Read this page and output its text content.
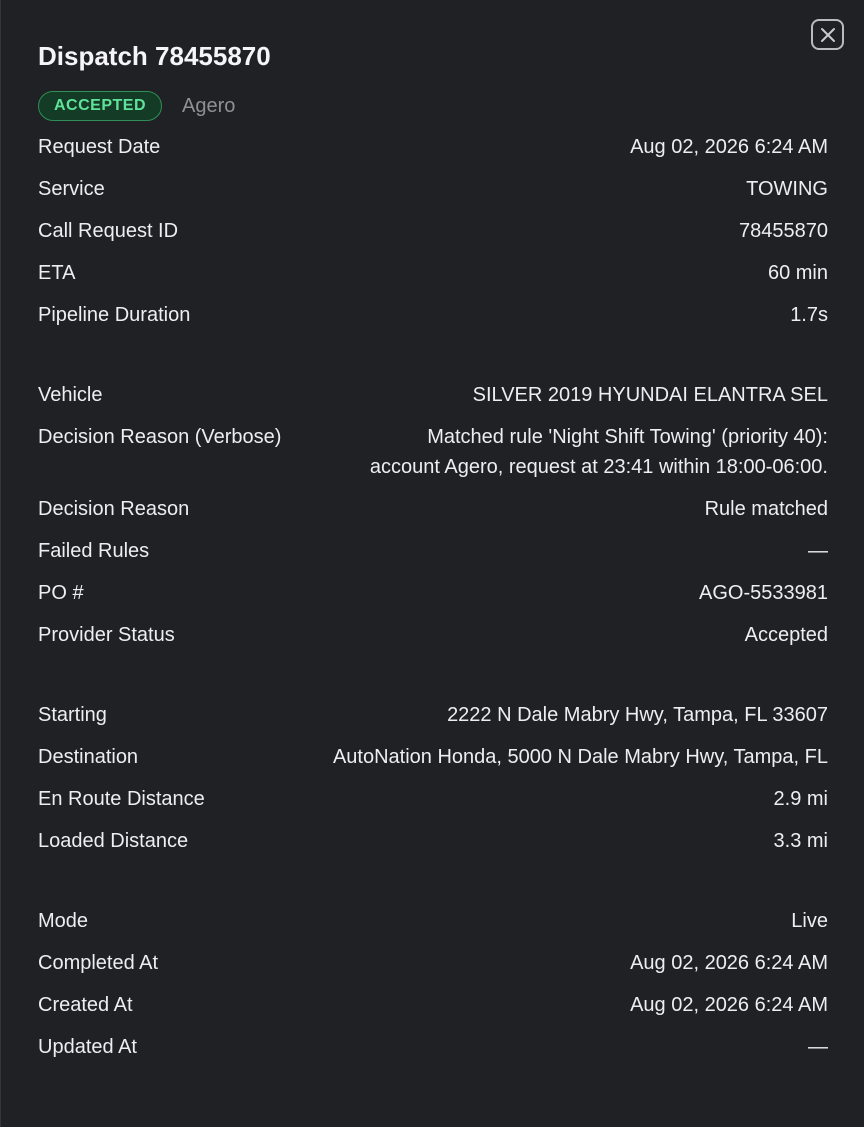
Dispatch 78455870
ACCEPTED	Agero
Request Date	Aug 02, 2026 6:24 AM
Service	TOWING
Call Request ID	78455870
ETA	60 min
Pipeline Duration	1.7s
Vehicle	SILVER 2019 HYUNDAI ELANTRA SEL
Decision Reason (Verbose)	Matched rule 'Night Shift Towing' (priority 40): account Agero, request at 23:41 within 18:00-06:00.
Decision Reason	Rule matched
Failed Rules	—
PO #	AGO-5533981
Provider Status	Accepted
Starting	2222 N Dale Mabry Hwy, Tampa, FL 33607
Destination	AutoNation Honda, 5000 N Dale Mabry Hwy, Tampa, FL
En Route Distance	2.9 mi
Loaded Distance	3.3 mi
Mode	Live
Completed At	Aug 02, 2026 6:24 AM
Created At	Aug 02, 2026 6:24 AM
Updated At	—
